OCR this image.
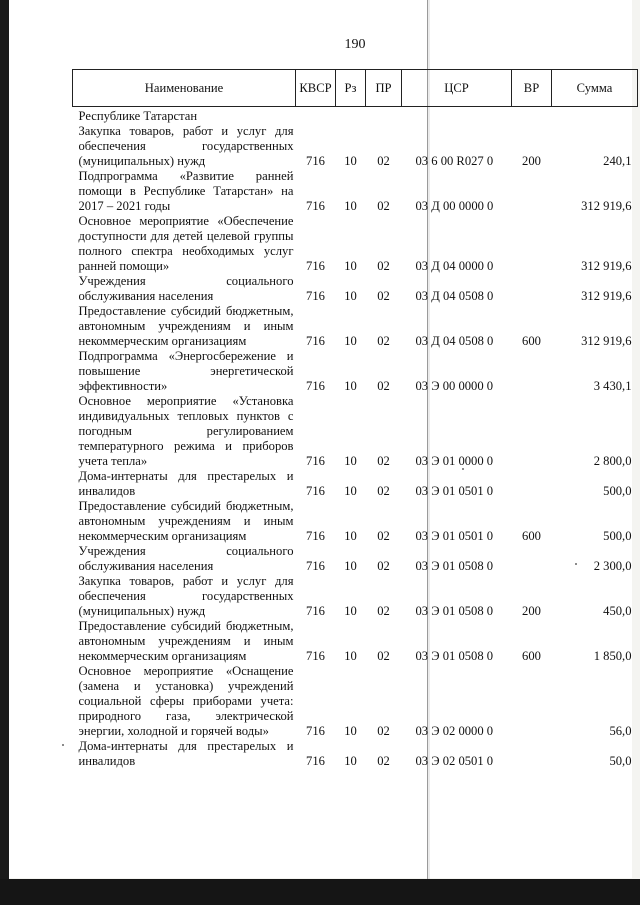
190
Наименование	КВСР	Рз	ПР	ЦСР	ВР	Сумма
Республике Татарстан						
Закупка товаров, работ и услуг для обеспечения государственных (муниципальных) нужд	716	10	02	03 6 00 R027 0	200	240,1
Подпрограмма «Развитие ранней помощи в Республике Татарстан» на 2017 – 2021 годы	716	10	02	03 Д 00 0000 0		312 919,6
Основное мероприятие «Обеспечение доступности для детей целевой группы полного спектра необходимых услуг ранней помощи»	716	10	02	03 Д 04 0000 0		312 919,6
Учреждения социального обслуживания населения	716	10	02	03 Д 04 0508 0		312 919,6
Предоставление субсидий бюджетным, автономным учреждениям и иным некоммерческим организациям	716	10	02	03 Д 04 0508 0	600	312 919,6
Подпрограмма «Энергосбережение и повышение энергетической эффективности»	716	10	02	03 Э 00 0000 0		3 430,1
Основное мероприятие «Установка индивидуальных тепловых пунктов с погодным регулированием температурного режима и приборов учета тепла»	716	10	02	03 Э 01 0000 0		2 800,0
Дома-интернаты для престарелых и инвалидов	716	10	02	03 Э 01 0501 0		500,0
Предоставление субсидий бюджетным, автономным учреждениям и иным некоммерческим организациям	716	10	02	03 Э 01 0501 0	600	500,0
Учреждения социального обслуживания населения	716	10	02	03 Э 01 0508 0		2 300,0
Закупка товаров, работ и услуг для обеспечения государственных (муниципальных) нужд	716	10	02	03 Э 01 0508 0	200	450,0
Предоставление субсидий бюджетным, автономным учреждениям и иным некоммерческим организациям	716	10	02	03 Э 01 0508 0	600	1 850,0
Основное мероприятие «Оснащение (замена и установка) учреждений социальной сферы приборами учета: природного газа, электрической энергии, холодной и горячей воды»	716	10	02	03 Э 02 0000 0		56,0
Дома-интернаты для престарелых и инвалидов	716	10	02	03 Э 02 0501 0		50,0
